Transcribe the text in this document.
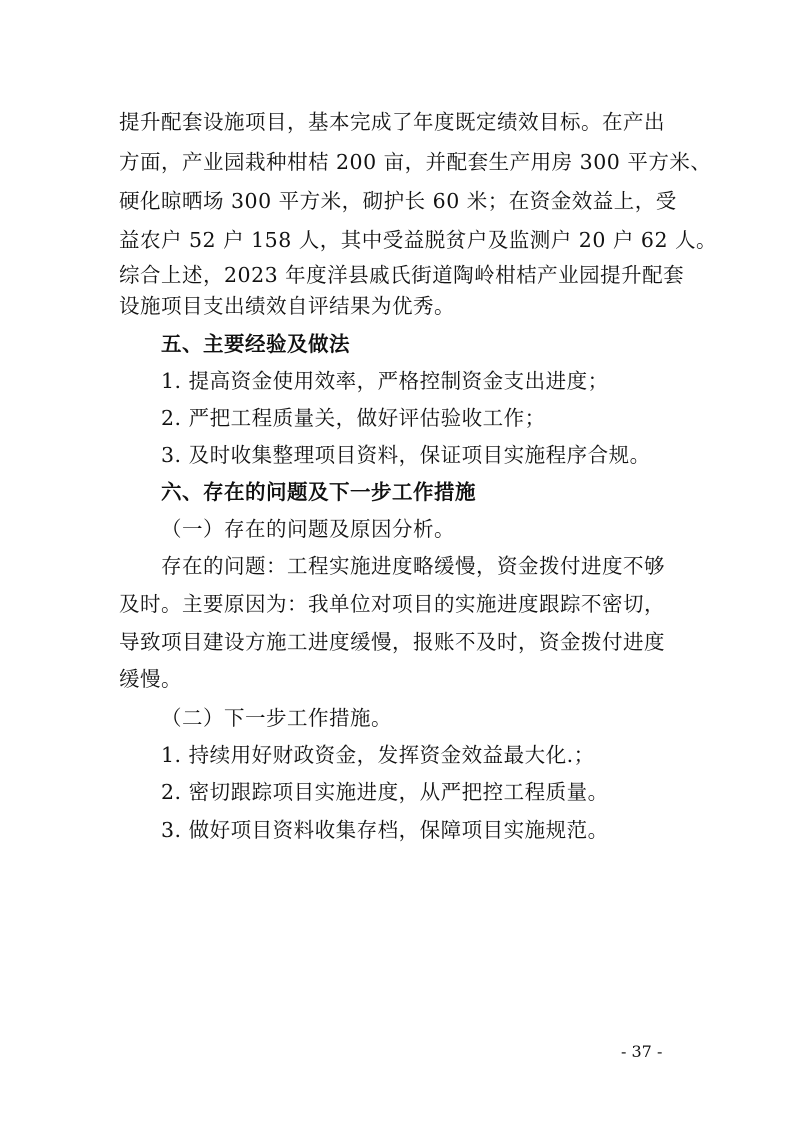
提升配套设施项目，基本完成了年度既定绩效目标。在产出
方面，产业园栽种柑桔 200 亩，并配套生产用房 300 平方米、
硬化晾晒场 300 平方米，砌护长 60 米；在资金效益上，受
益农户 52 户 158 人，其中受益脱贫户及监测户 20 户 62 人。
综合上述，2023 年度洋县戚氏街道陶岭柑桔产业园提升配套
设施项目支出绩效自评结果为优秀。
五、主要经验及做法
1. 提高资金使用效率，严格控制资金支出进度；
2. 严把工程质量关，做好评估验收工作；
3. 及时收集整理项目资料，保证项目实施程序合规。
六、存在的问题及下一步工作措施
（一）存在的问题及原因分析。
存在的问题：工程实施进度略缓慢，资金拨付进度不够
及时。主要原因为：我单位对项目的实施进度跟踪不密切，
导致项目建设方施工进度缓慢，报账不及时，资金拨付进度
缓慢。
（二）下一步工作措施。
1. 持续用好财政资金，发挥资金效益最大化.；
2. 密切跟踪项目实施进度，从严把控工程质量。
3. 做好项目资料收集存档，保障项目实施规范。
- 37 -
